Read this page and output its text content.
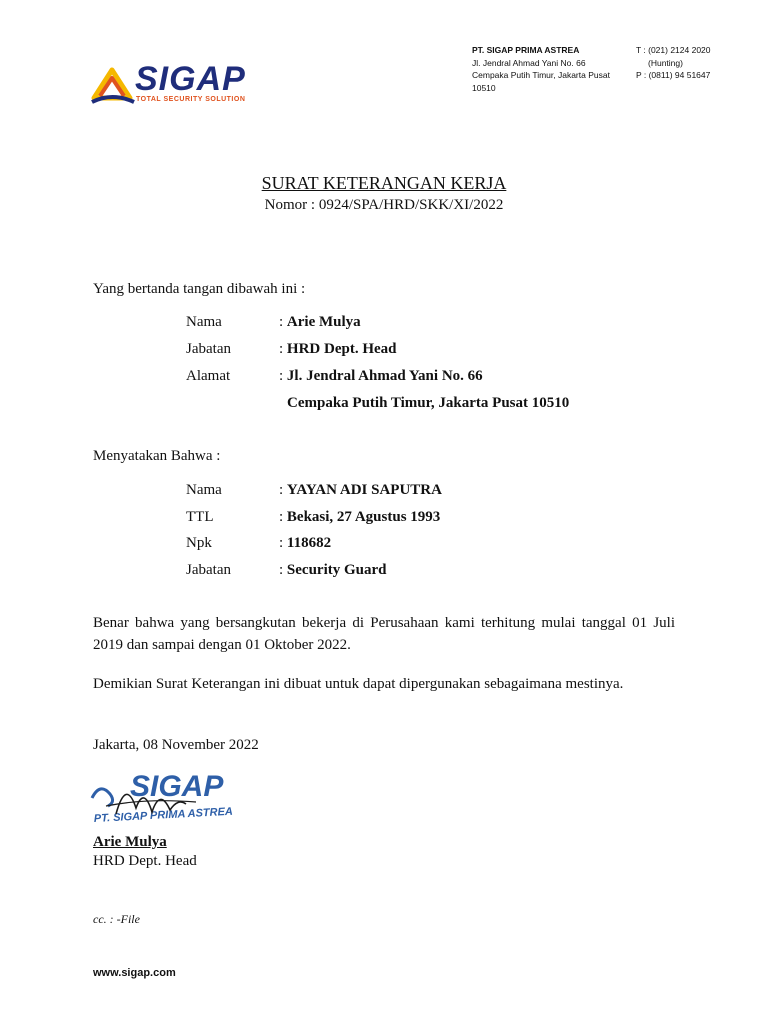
SIGAP
TOTAL SECURITY SOLUTION
PT. SIGAP PRIMA ASTREA
Jl. Jendral Ahmad Yani No. 66
Cempaka Putih Timur, Jakarta Pusat
10510
T : (021) 2124 2020
(Hunting)
P : (0811) 94 51647
SURAT KETERANGAN KERJA
Nomor : 0924/SPA/HRD/SKK/XI/2022
Yang bertanda tangan dibawah ini :
Nama	: Arie Mulya
Jabatan	: HRD Dept. Head
Alamat	: Jl. Jendral Ahmad Yani No. 66
Cempaka Putih Timur, Jakarta Pusat 10510
Menyatakan Bahwa :
Nama	: YAYAN ADI SAPUTRA
TTL	: Bekasi, 27 Agustus 1993
Npk	: 118682
Jabatan	: Security Guard
Benar bahwa yang bersangkutan bekerja di Perusahaan kami terhitung mulai tanggal 01 Juli 2019 dan sampai dengan 01 Oktober 2022.
Demikian Surat Keterangan ini dibuat untuk dapat dipergunakan sebagaimana mestinya.
Jakarta, 08 November 2022
SIGAP
PT. SIGAP PRIMA ASTREA
Arie Mulya
HRD Dept. Head
cc. : -File
www.sigap.com
